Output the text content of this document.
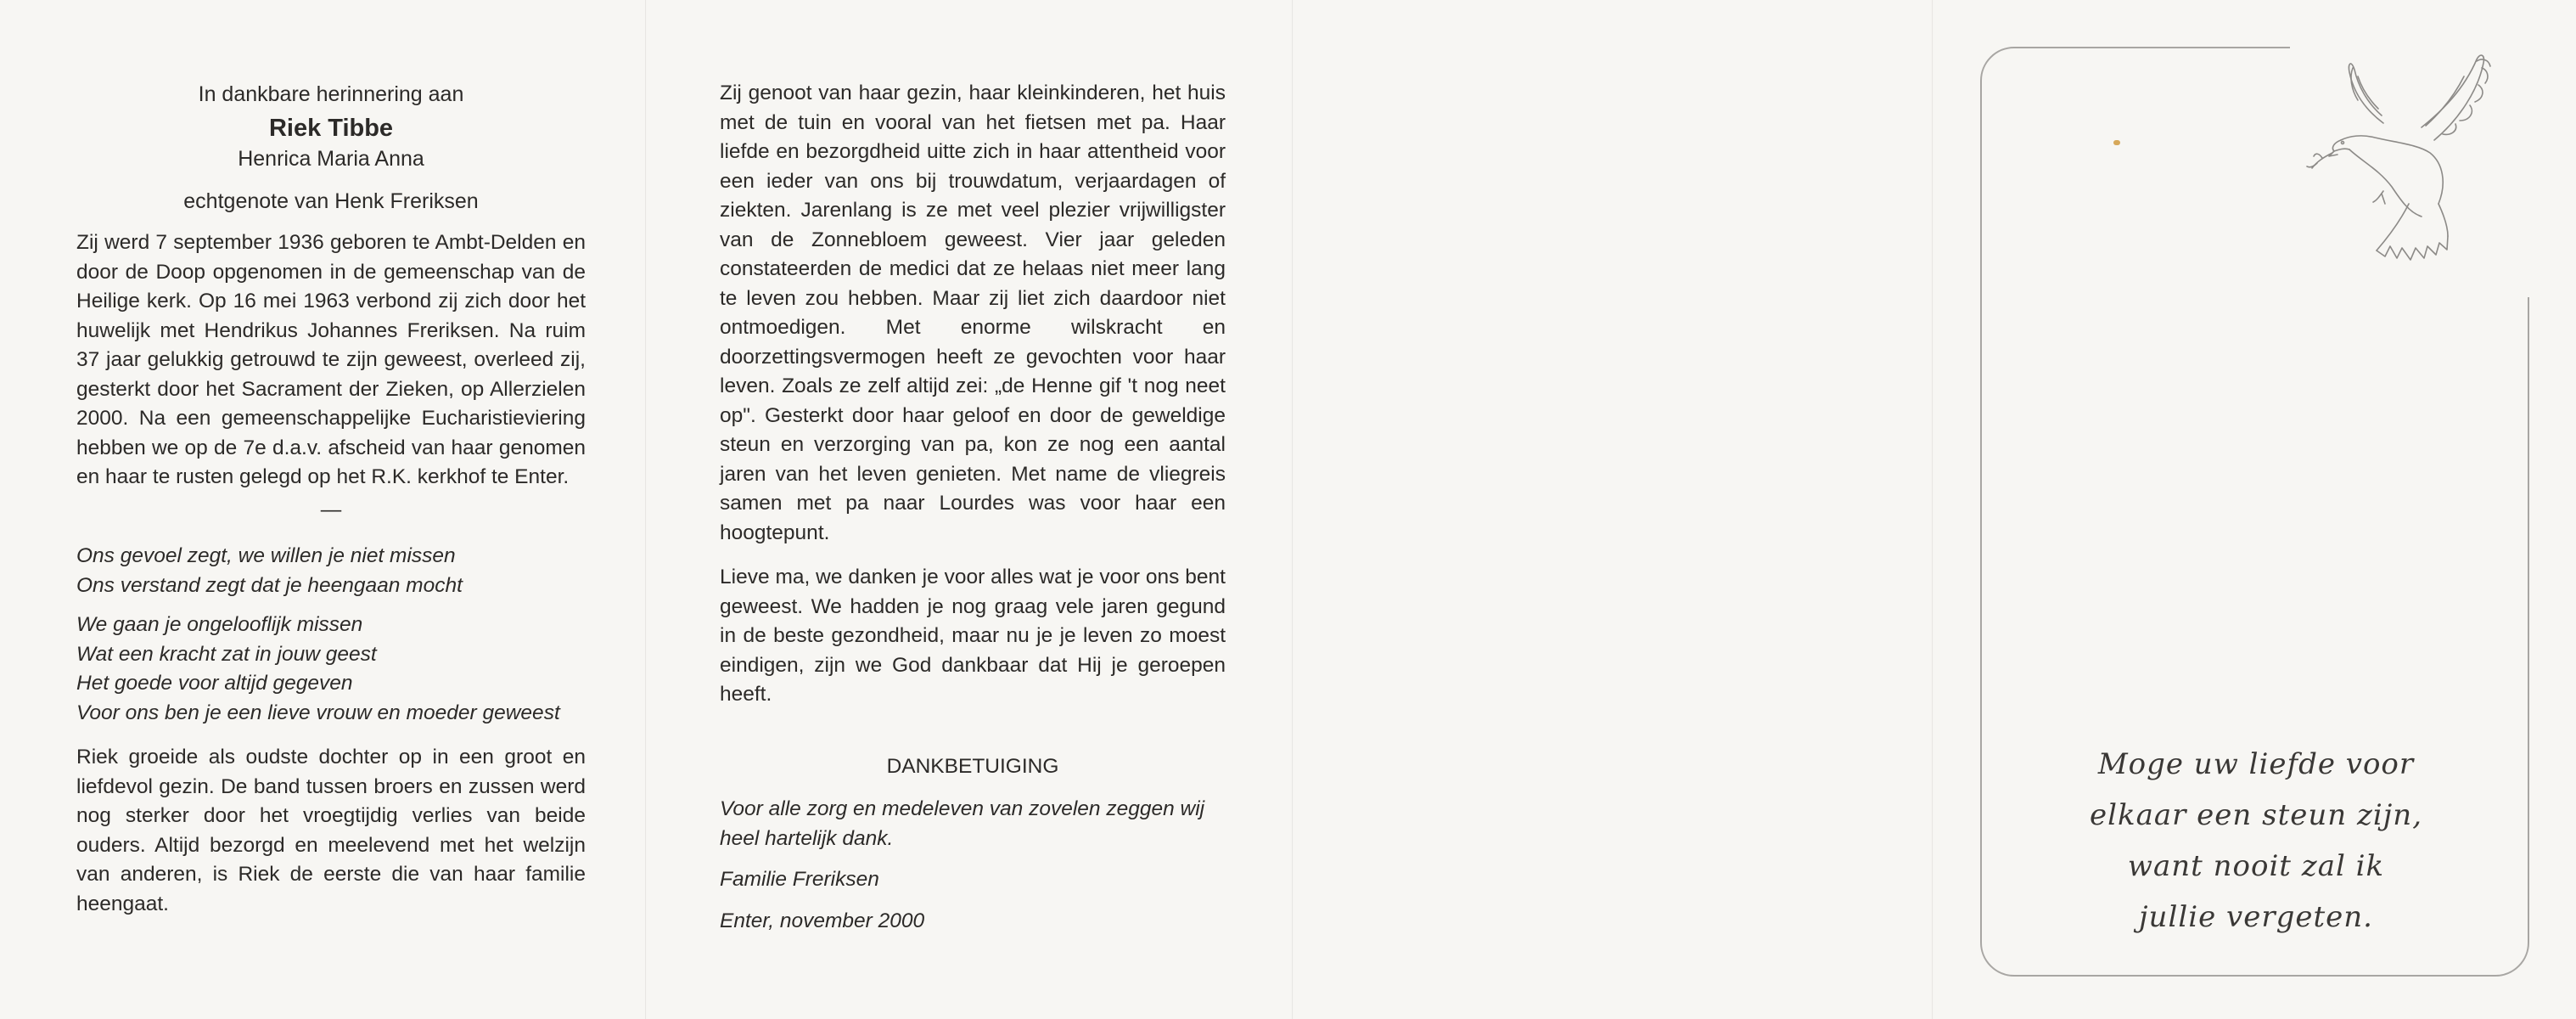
In dankbare herinnering aan

Riek Tibbe

Henrica Maria Anna

echtgenote van Henk Freriksen

Zij werd 7 september 1936 geboren te Ambt-Delden en door de Doop opgenomen in de gemeenschap van de Heilige kerk. Op 16 mei 1963 verbond zij zich door het huwelijk met Hendrikus Johannes Freriksen. Na ruim 37 jaar gelukkig getrouwd te zijn geweest, overleed zij, gesterkt door het Sacrament der Zieken, op Allerzielen 2000. Na een gemeenschappelijke Eucharistieviering hebben we op de 7e d.a.v. afscheid van haar genomen en haar te rusten gelegd op het R.K. kerkhof te Enter.

—

Ons gevoel zegt, we willen je niet missen

Ons verstand zegt dat je heengaan mocht

We gaan je ongelooflijk missen

Wat een kracht zat in jouw geest

Het goede voor altijd gegeven

Voor ons ben je een lieve vrouw en moeder geweest

Riek groeide als oudste dochter op in een groot en liefdevol gezin. De band tussen broers en zussen werd nog sterker door het vroegtijdig verlies van beide ouders. Altijd bezorgd en meelevend met het welzijn van anderen, is Riek de eerste die van haar familie heengaat.

Zij genoot van haar gezin, haar kleinkinderen, het huis met de tuin en vooral van het fietsen met pa. Haar liefde en bezorgdheid uitte zich in haar attentheid voor een ieder van ons bij trouwdatum, verjaardagen of ziekten. Jarenlang is ze met veel plezier vrijwilligster van de Zonnebloem geweest. Vier jaar geleden constateerden de medici dat ze helaas niet meer lang te leven zou hebben. Maar zij liet zich daardoor niet ontmoedigen. Met enorme wilskracht en doorzettingsvermogen heeft ze gevochten voor haar leven. Zoals ze zelf altijd zei: „de Henne gif 't nog neet op". Gesterkt door haar geloof en door de geweldige steun en verzorging van pa, kon ze nog een aantal jaren van het leven genieten. Met name de vliegreis samen met pa naar Lourdes was voor haar een hoogtepunt.

Lieve ma, we danken je voor alles wat je voor ons bent geweest. We hadden je nog graag vele jaren gegund in de beste gezondheid, maar nu je je leven zo moest eindigen, zijn we God dankbaar dat Hij je geroepen heeft.

DANKBETUIGING

Voor alle zorg en medeleven van zovelen zeggen wij heel hartelijk dank.

Familie Freriksen

Enter, november 2000

Moge uw liefde voor
elkaar een steun zijn,
want nooit zal ik
jullie vergeten.
